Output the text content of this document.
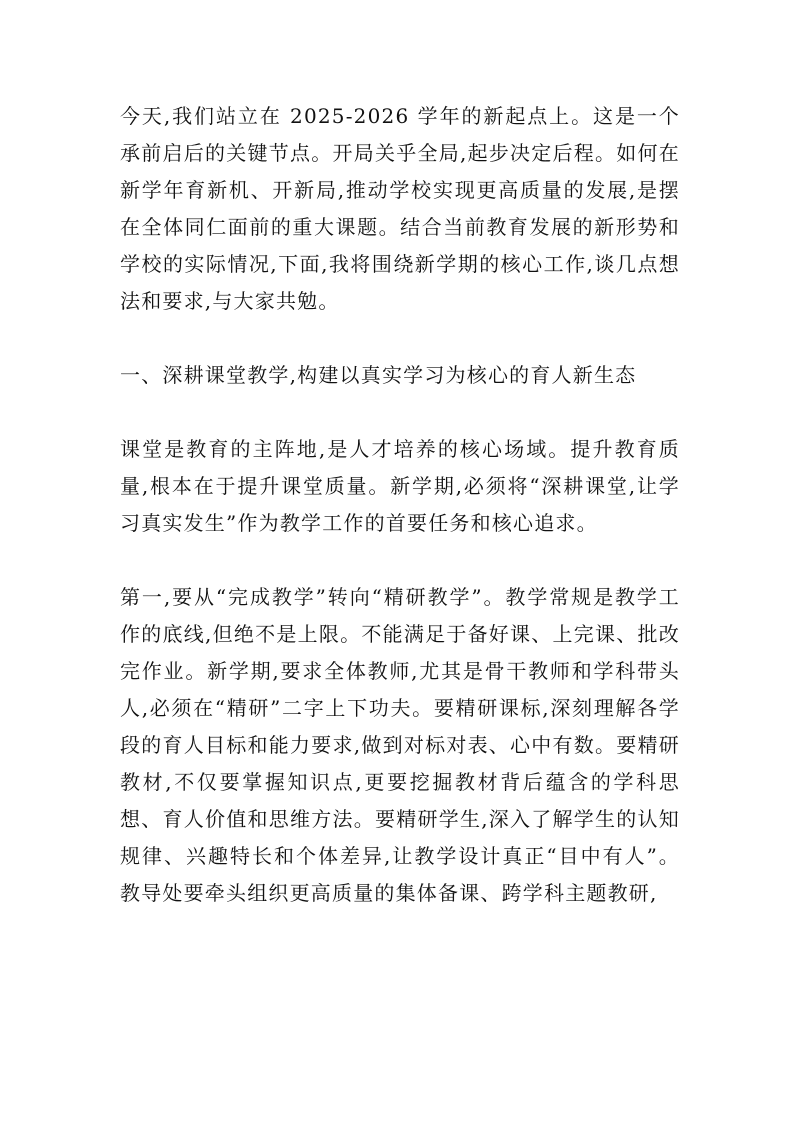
今天,我们站立在 2025-2026 学年的新起点上。这是一个承前启后的关键节点。开局关乎全局,起步决定后程。如何在新学年育新机、开新局,推动学校实现更高质量的发展,是摆在全体同仁面前的重大课题。结合当前教育发展的新形势和学校的实际情况,下面,我将围绕新学期的核心工作,谈几点想法和要求,与大家共勉。

一、深耕课堂教学,构建以真实学习为核心的育人新生态

课堂是教育的主阵地,是人才培养的核心场域。提升教育质量,根本在于提升课堂质量。新学期,必须将“深耕课堂,让学习真实发生”作为教学工作的首要任务和核心追求。

第一,要从“完成教学”转向“精研教学”。教学常规是教学工作的底线,但绝不是上限。不能满足于备好课、上完课、批改完作业。新学期,要求全体教师,尤其是骨干教师和学科带头人,必须在“精研”二字上下功夫。要精研课标,深刻理解各学段的育人目标和能力要求,做到对标对表、心中有数。要精研教材,不仅要掌握知识点,更要挖掘教材背后蕴含的学科思想、育人价值和思维方法。要精研学生,深入了解学生的认知规律、兴趣特长和个体差异,让教学设计真正“目中有人”。教导处要牵头组织更高质量的集体备课、跨学科主题教研,
